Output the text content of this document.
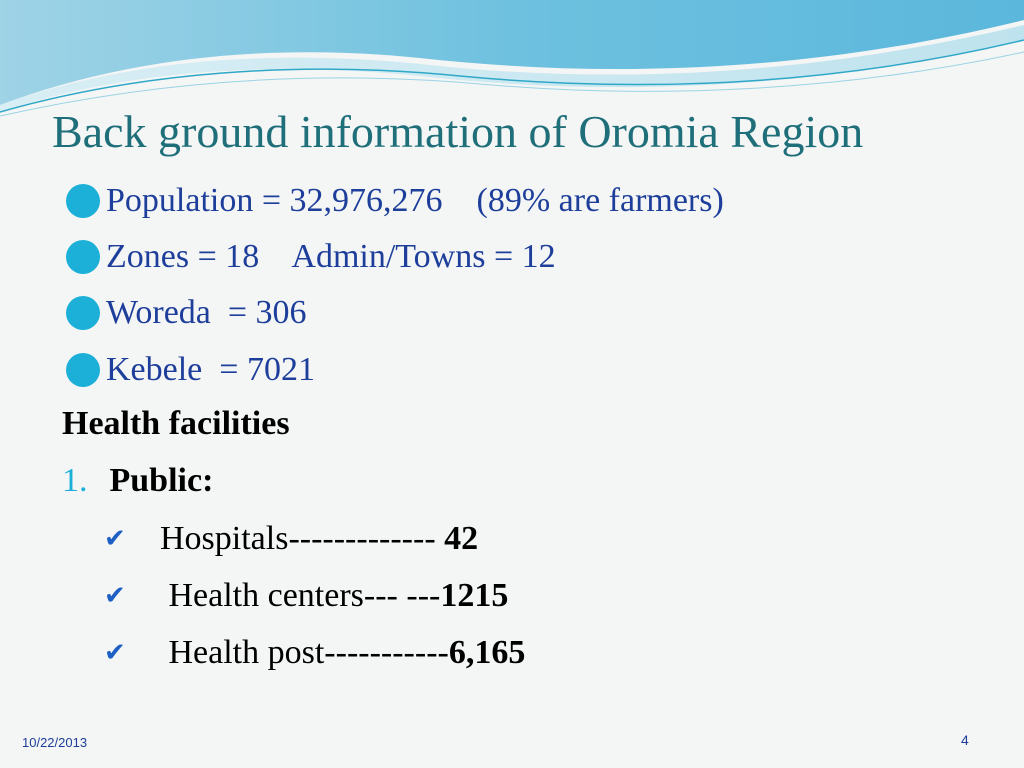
Back ground information of Oromia Region
Population = 32,976,276    (89% are farmers)
Zones = 18    Admin/Towns = 12
Woreda  = 306
Kebele  = 7021
Health facilities
1. Public:
✔	Hospitals------------- 42
✔	Health centers--- --- 1215
✔	Health post----------- 6,165
10/22/2013	4
